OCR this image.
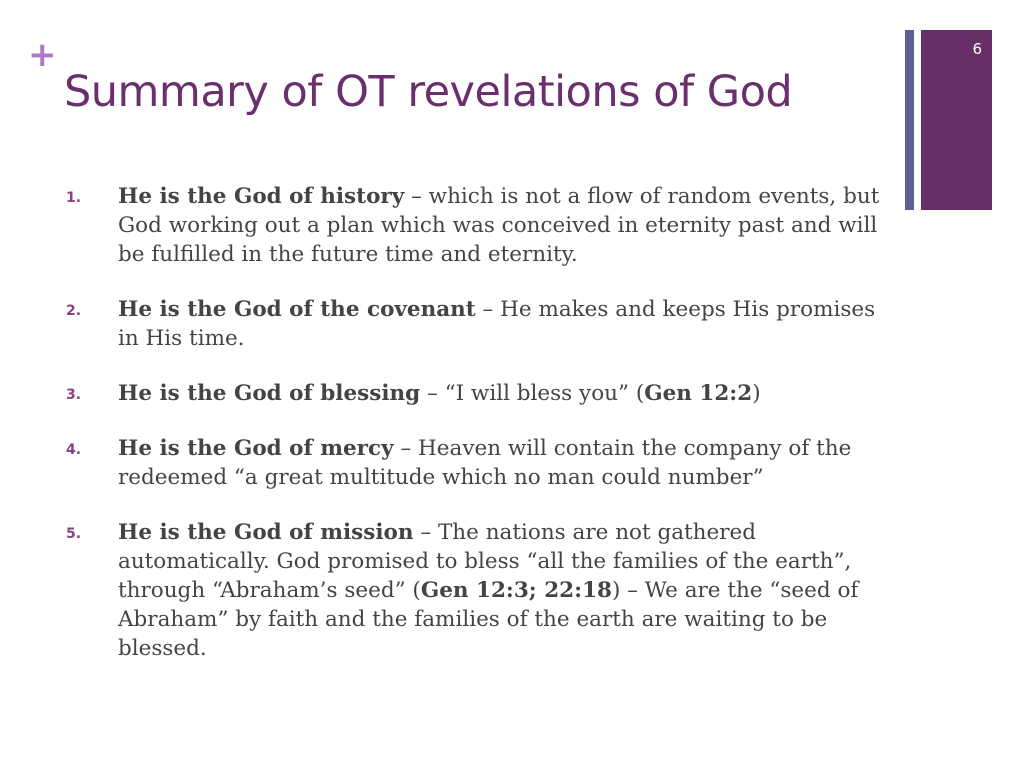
+
Summary of OT revelations of God
6
1. He is the God of history – which is not a flow of random events, but God working out a plan which was conceived in eternity past and will be fulfilled in the future time and eternity.
2. He is the God of the covenant – He makes and keeps His promises in His time.
3. He is the God of blessing – “I will bless you” (Gen 12:2)
4. He is the God of mercy – Heaven will contain the company of the redeemed “a great multitude which no man could number”
5. He is the God of mission – The nations are not gathered automatically. God promised to bless “all the families of the earth”, through “Abraham’s seed” (Gen 12:3; 22:18) – We are the “seed of Abraham” by faith and the families of the earth are waiting to be blessed.
